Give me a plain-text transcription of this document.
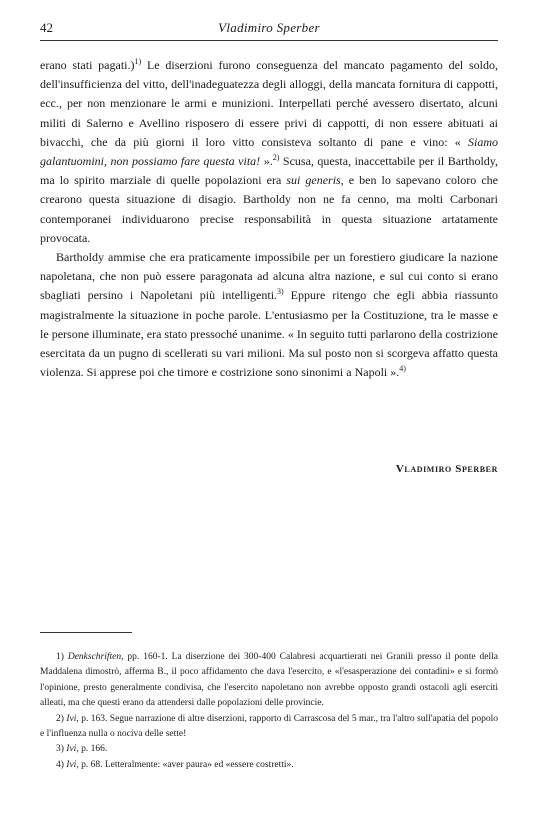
42	Vladimiro Sperber

erano stati pagati.)$^{1)}$ Le diserzioni furono conseguenza del mancato pagamento del soldo, dell'insufficienza del vitto, dell'inadeguatezza degli alloggi, della mancata fornitura di cappotti, ecc., per non menzionare le armi e munizioni. Interpellati perché avessero disertato, alcuni militi di Salerno e Avellino risposero di essere privi di cappotti, di non essere abituati ai bivacchi, che da più giorni il loro vitto consisteva soltanto di pane e vino: « Siamo galantuomini, non possiamo fare questa vita! ».$^{2)}$ Scusa, questa, inaccettabile per il Bartholdy, ma lo spirito marziale di quelle popolazioni era sui generis, e ben lo sapevano coloro che crearono questa situazione di disagio. Bartholdy non ne fa cenno, ma molti Carbonari contemporanei individuarono precise responsabilità in questa situazione artatamente provocata.

Bartholdy ammise che era praticamente impossibile per un forestiero giudicare la nazione napoletana, che non può essere paragonata ad alcuna altra nazione, e sul cui conto si erano sbagliati persino i Napoletani più intelligenti.$^{3)}$ Eppure ritengo che egli abbia riassunto magistralmente la situazione in poche parole. L'entusiasmo per la Costituzione, tra le masse e le persone illuminate, era stato pressoché unanime. « In seguito tutti parlarono della costrizione esercitata da un pugno di scellerati su vari milioni. Ma sul posto non si scorgeva affatto questa violenza. Si apprese poi che timore e costrizione sono sinonimi a Napoli ».$^{4)}$

Vladimiro Sperber

1) Denkschriften, pp. 160-1. La diserzione dei 300-400 Calabresi acquartierati nei Granili presso il ponte della Maddalena dimostrò, afferma B., il poco affidamento che dava l'esercito, e «l'esasperazione dei contadini» e si formò l'opinione, presto generalmente condivisa, che l'esercito napoletano non avrebbe opposto grandi ostacoli agli eserciti alleati, ma che questi erano da attendersi dalle popolazioni delle provincie.

2) Ivi, p. 163. Segue narrazione di altre diserzioni, rapporto di Carrascosa del 5 mar., tra l'altro sull'apatia del popolo e l'influenza nulla o nociva delle sette!

3) Ivi, p. 166.

4) Ivi, p. 68. Letteralmente: «aver paura» ed «essere costretti».
